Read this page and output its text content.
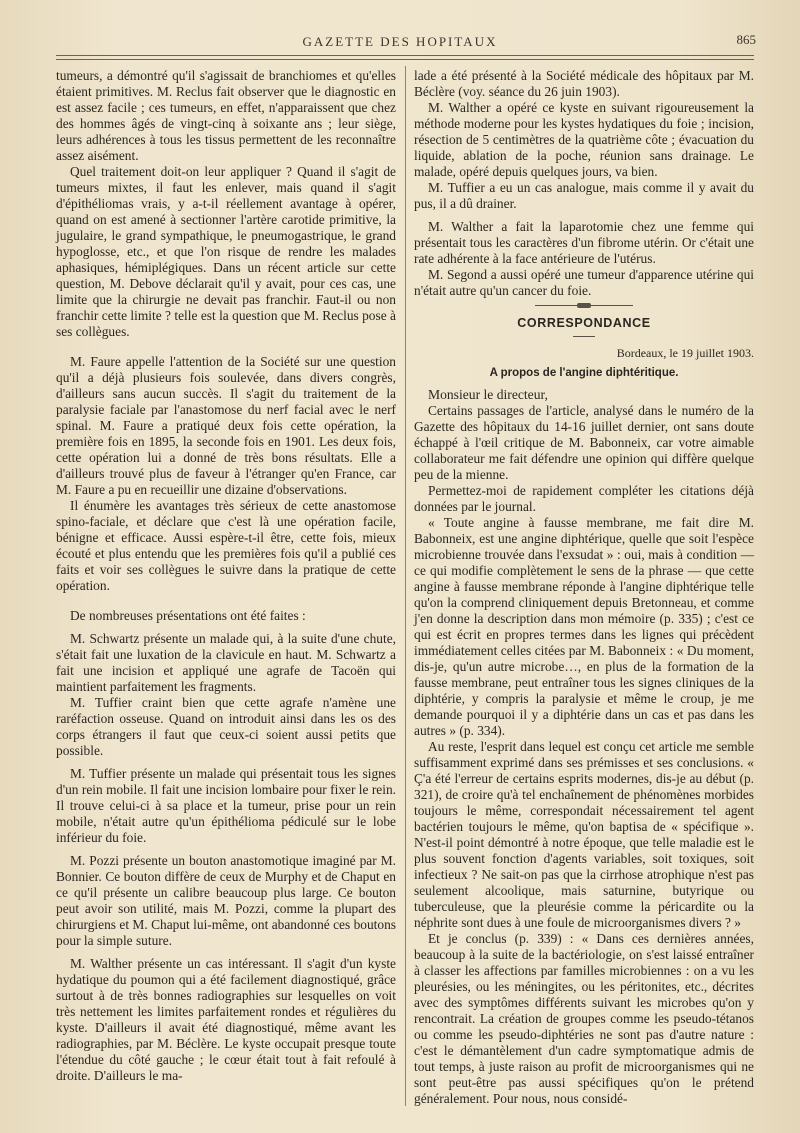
GAZETTE DES HOPITAUX	865

tumeurs, a démontré qu'il s'agissait de branchiomes et qu'elles étaient primitives. M. Reclus fait observer que le diagnostic en est assez facile ; ces tumeurs, en effet, n'apparaissent que chez des hommes âgés de vingt-cinq à soixante ans ; leur siège, leurs adhérences à tous les tissus permettent de les reconnaître assez aisément.

Quel traitement doit-on leur appliquer ? Quand il s'agit de tumeurs mixtes, il faut les enlever, mais quand il s'agit d'épithéliomas vrais, y a-t-il réellement avantage à opérer, quand on est amené à sectionner l'artère carotide primitive, la jugulaire, le grand sympathique, le pneumogastrique, le grand hypoglosse, etc., et que l'on risque de rendre les malades aphasiques, hémiplégiques. Dans un récent article sur cette question, M. Debove déclarait qu'il y avait, pour ces cas, une limite que la chirurgie ne devait pas franchir. Faut-il ou non franchir cette limite ? telle est la question que M. Reclus pose à ses collègues.

M. Faure appelle l'attention de la Société sur une question qu'il a déjà plusieurs fois soulevée, dans divers congrès, d'ailleurs sans aucun succès. Il s'agit du traitement de la paralysie faciale par l'anastomose du nerf facial avec le nerf spinal. M. Faure a pratiqué deux fois cette opération, la première fois en 1895, la seconde fois en 1901. Les deux fois, cette opération lui a donné de très bons résultats. Elle a d'ailleurs trouvé plus de faveur à l'étranger qu'en France, car M. Faure a pu en recueillir une dizaine d'observations.

Il énumère les avantages très sérieux de cette anastomose spino-faciale, et déclare que c'est là une opération facile, bénigne et efficace. Aussi espère-t-il être, cette fois, mieux écouté et plus entendu que les premières fois qu'il a publié ces faits et voir ses collègues le suivre dans la pratique de cette opération.

De nombreuses présentations ont été faites :

M. Schwartz présente un malade qui, à la suite d'une chute, s'était fait une luxation de la clavicule en haut. M. Schwartz a fait une incision et appliqué une agrafe de Tacoën qui maintient parfaitement les fragments.

M. Tuffier craint bien que cette agrafe n'amène une raréfaction osseuse. Quand on introduit ainsi dans les os des corps étrangers il faut que ceux-ci soient aussi petits que possible.

M. Tuffier présente un malade qui présentait tous les signes d'un rein mobile. Il fait une incision lombaire pour fixer le rein. Il trouve celui-ci à sa place et la tumeur, prise pour un rein mobile, n'était autre qu'un épithélioma pédiculé sur le lobe inférieur du foie.

M. Pozzi présente un bouton anastomotique imaginé par M. Bonnier. Ce bouton diffère de ceux de Murphy et de Chaput en ce qu'il présente un calibre beaucoup plus large. Ce bouton peut avoir son utilité, mais M. Pozzi, comme la plupart des chirurgiens et M. Chaput lui-même, ont abandonné ces boutons pour la simple suture.

M. Walther présente un cas intéressant. Il s'agit d'un kyste hydatique du poumon qui a été facilement diagnostiqué, grâce surtout à de très bonnes radiographies sur lesquelles on voit très nettement les limites parfaitement rondes et régulières du kyste. D'ailleurs il avait été diagnostiqué, même avant les radiographies, par M. Béclère. Le kyste occupait presque toute l'étendue du côté gauche ; le cœur était tout à fait refoulé à droite. D'ailleurs le ma-

lade a été présenté à la Société médicale des hôpitaux par M. Béclère (voy. séance du 26 juin 1903).

M. Walther a opéré ce kyste en suivant rigoureusement la méthode moderne pour les kystes hydatiques du foie ; incision, résection de 5 centimètres de la quatrième côte ; évacuation du liquide, ablation de la poche, réunion sans drainage. Le malade, opéré depuis quelques jours, va bien.

M. Tuffier a eu un cas analogue, mais comme il y avait du pus, il a dû drainer.

M. Walther a fait la laparotomie chez une femme qui présentait tous les caractères d'un fibrome utérin. Or c'était une rate adhérente à la face antérieure de l'utérus.

M. Segond a aussi opéré une tumeur d'apparence utérine qui n'était autre qu'un cancer du foie.

CORRESPONDANCE

Bordeaux, le 19 juillet 1903.

A propos de l'angine diphtéritique.

Monsieur le directeur,

Certains passages de l'article, analysé dans le numéro de la Gazette des hôpitaux du 14-16 juillet dernier, ont sans doute échappé à l'œil critique de M. Babonneix, car votre aimable collaborateur me fait défendre une opinion qui diffère quelque peu de la mienne.

Permettez-moi de rapidement compléter les citations déjà données par le journal.

« Toute angine à fausse membrane, me fait dire M. Babonneix, est une angine diphtérique, quelle que soit l'espèce microbienne trouvée dans l'exsudat » : oui, mais à condition — ce qui modifie complètement le sens de la phrase — que cette angine à fausse membrane réponde à l'angine diphtérique telle qu'on la comprend cliniquement depuis Bretonneau, et comme j'en donne la description dans mon mémoire (p. 335) ; c'est ce qui est écrit en propres termes dans les lignes qui précèdent immédiatement celles citées par M. Babonneix : « Du moment, dis-je, qu'un autre microbe…, en plus de la formation de la fausse membrane, peut entraîner tous les signes cliniques de la diphtérie, y compris la paralysie et même le croup, je me demande pourquoi il y a diphtérie dans un cas et pas dans les autres » (p. 334).

Au reste, l'esprit dans lequel est conçu cet article me semble suffisamment exprimé dans ses prémisses et ses conclusions. « Ç'a été l'erreur de certains esprits modernes, dis-je au début (p. 321), de croire qu'à tel enchaînement de phénomènes morbides toujours le même, correspondait nécessairement tel agent bactérien toujours le même, qu'on baptisa de « spécifique ». N'est-il point démontré à notre époque, que telle maladie est le plus souvent fonction d'agents variables, soit toxiques, soit infectieux ? Ne sait-on pas que la cirrhose atrophique n'est pas seulement alcoolique, mais saturnine, butyrique ou tuberculeuse, que la pleurésie comme la péricardite ou la néphrite sont dues à une foule de microorganismes divers ? »

Et je conclus (p. 339) : « Dans ces dernières années, beaucoup à la suite de la bactériologie, on s'est laissé entraîner à classer les affections par familles microbiennes : on a vu les pleurésies, ou les méningites, ou les péritonites, etc., décrites avec des symptômes différents suivant les microbes qu'on y rencontrait. La création de groupes comme les pseudo-tétanos ou comme les pseudo-diphtéries ne sont pas d'autre nature : c'est le démantèlement d'un cadre symptomatique admis de tout temps, à juste raison au profit de microorganismes qui ne sont peut-être pas aussi spécifiques qu'on le prétend généralement. Pour nous, nous considé-
